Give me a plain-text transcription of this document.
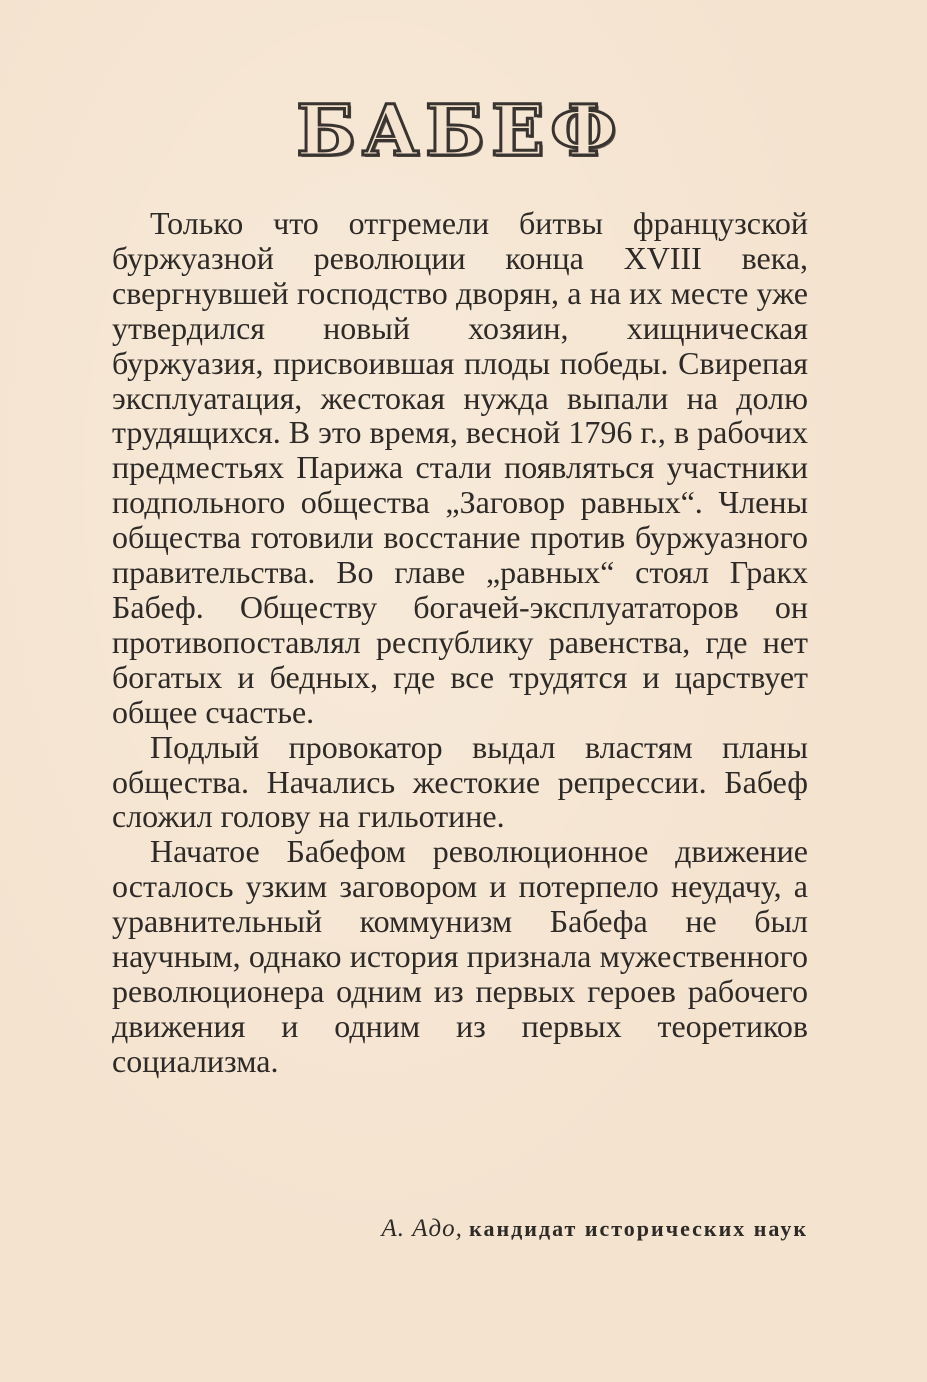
БАБЕФ

Только что отгремели битвы французской буржуазной революции конца XVIII века, свергнувшей господство дворян, а на их месте уже утвердился новый хозяин, хищническая буржуазия, присвоившая плоды победы. Свирепая эксплуатация, жестокая нужда выпали на долю трудящихся. В это время, весной 1796 г., в рабочих предместьях Парижа стали появляться участники подпольного общества „Заговор равных“. Члены общества готовили восстание против буржуазного правительства. Во главе „равных“ стоял Гракх Бабеф. Обществу богачей-эксплуататоров он противопоставлял республику равенства, где нет богатых и бедных, где все трудятся и царствует общее счастье.

Подлый провокатор выдал властям планы общества. Начались жестокие репрессии. Бабеф сложил голову на гильотине.

Начатое Бабефом революционное движение осталось узким заговором и потерпело неудачу, а уравнительный коммунизм Бабефа не был научным, однако история признала мужественного революционера одним из первых героев рабочего движения и одним из первых теоретиков социализма.

А. Адо, кандидат исторических наук
